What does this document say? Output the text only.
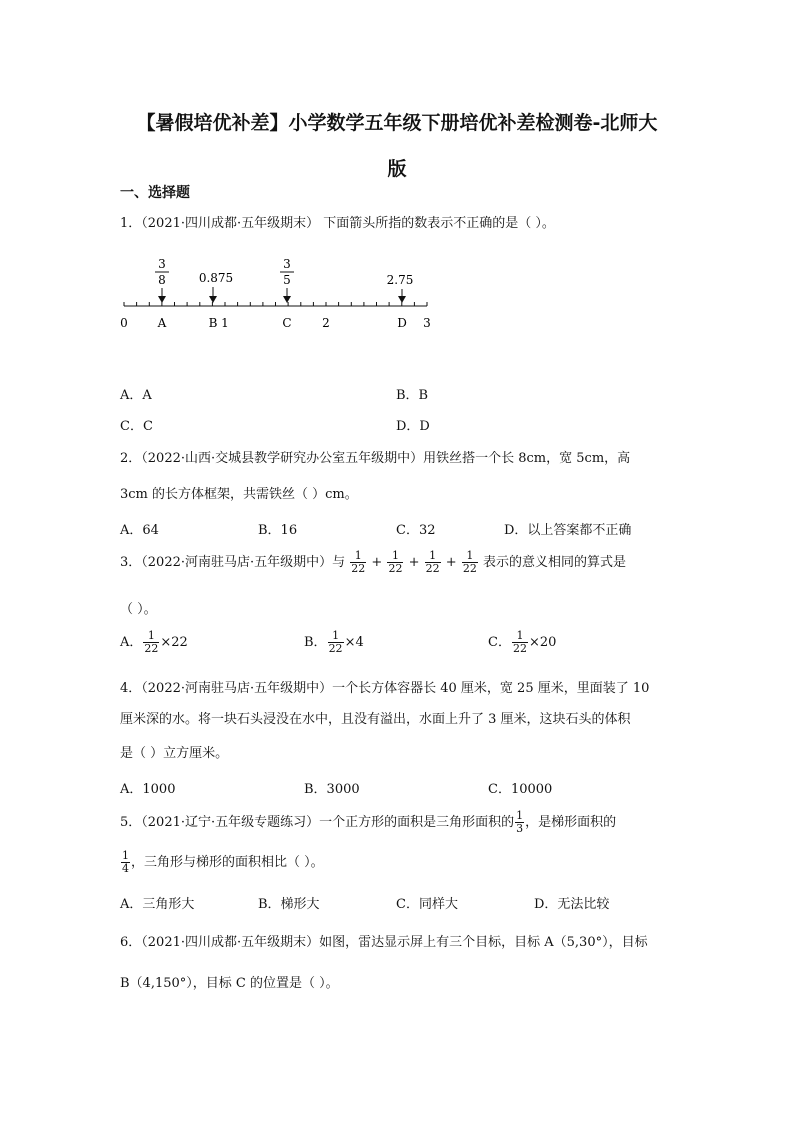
【暑假培优补差】小学数学五年级下册培优补差检测卷-北师大
版
一、选择题
1．（2021·四川成都·五年级期末） 下面箭头所指的数表示不正确的是（ ）。
3
8	0.875
3
5	2.75
0 A	B 1	C	2	D 3
A．A	B．B
C．C	D．D
2．（2022·山西·交城县教学研究办公室五年级期中）用铁丝搭一个长 8cm，宽 5cm，高
3cm 的长方体框架，共需铁丝（ ）cm。
A．64	B．16	C．32	D．以上答案都不正确
3．（2022·河南驻马店·五年级期中）与 $\frac{1}{22} + \frac{1}{22} + \frac{1}{22} + \frac{1}{22}$ 表示的意义相同的算式是
（ ）。
A． $\frac{1}{22} \times 22$	B． $\frac{1}{22} \times 4$	C． $\frac{1}{22} \times 20$
4．（2022·河南驻马店·五年级期中）一个长方体容器长 40 厘米，宽 25 厘米，里面装了 10
厘米深的水。将一块石头浸没在水中，且没有溢出，水面上升了 3 厘米，这块石头的体积
是（ ）立方厘米。
A．1000	B．3000	C．10000
5．（2021·辽宁·五年级专题练习）一个正方形的面积是三角形面积的 $\frac{1}{3}$ ，是梯形面积的
$\frac{1}{4}$ ，三角形与梯形的面积相比（ ）。
A．三角形大	B．梯形大	C．同样大	D．无法比较
6．（2021·四川成都·五年级期末）如图，雷达显示屏上有三个目标，目标 A（5,30°），目标
B（4,150°），目标 C 的位置是（ ）。
